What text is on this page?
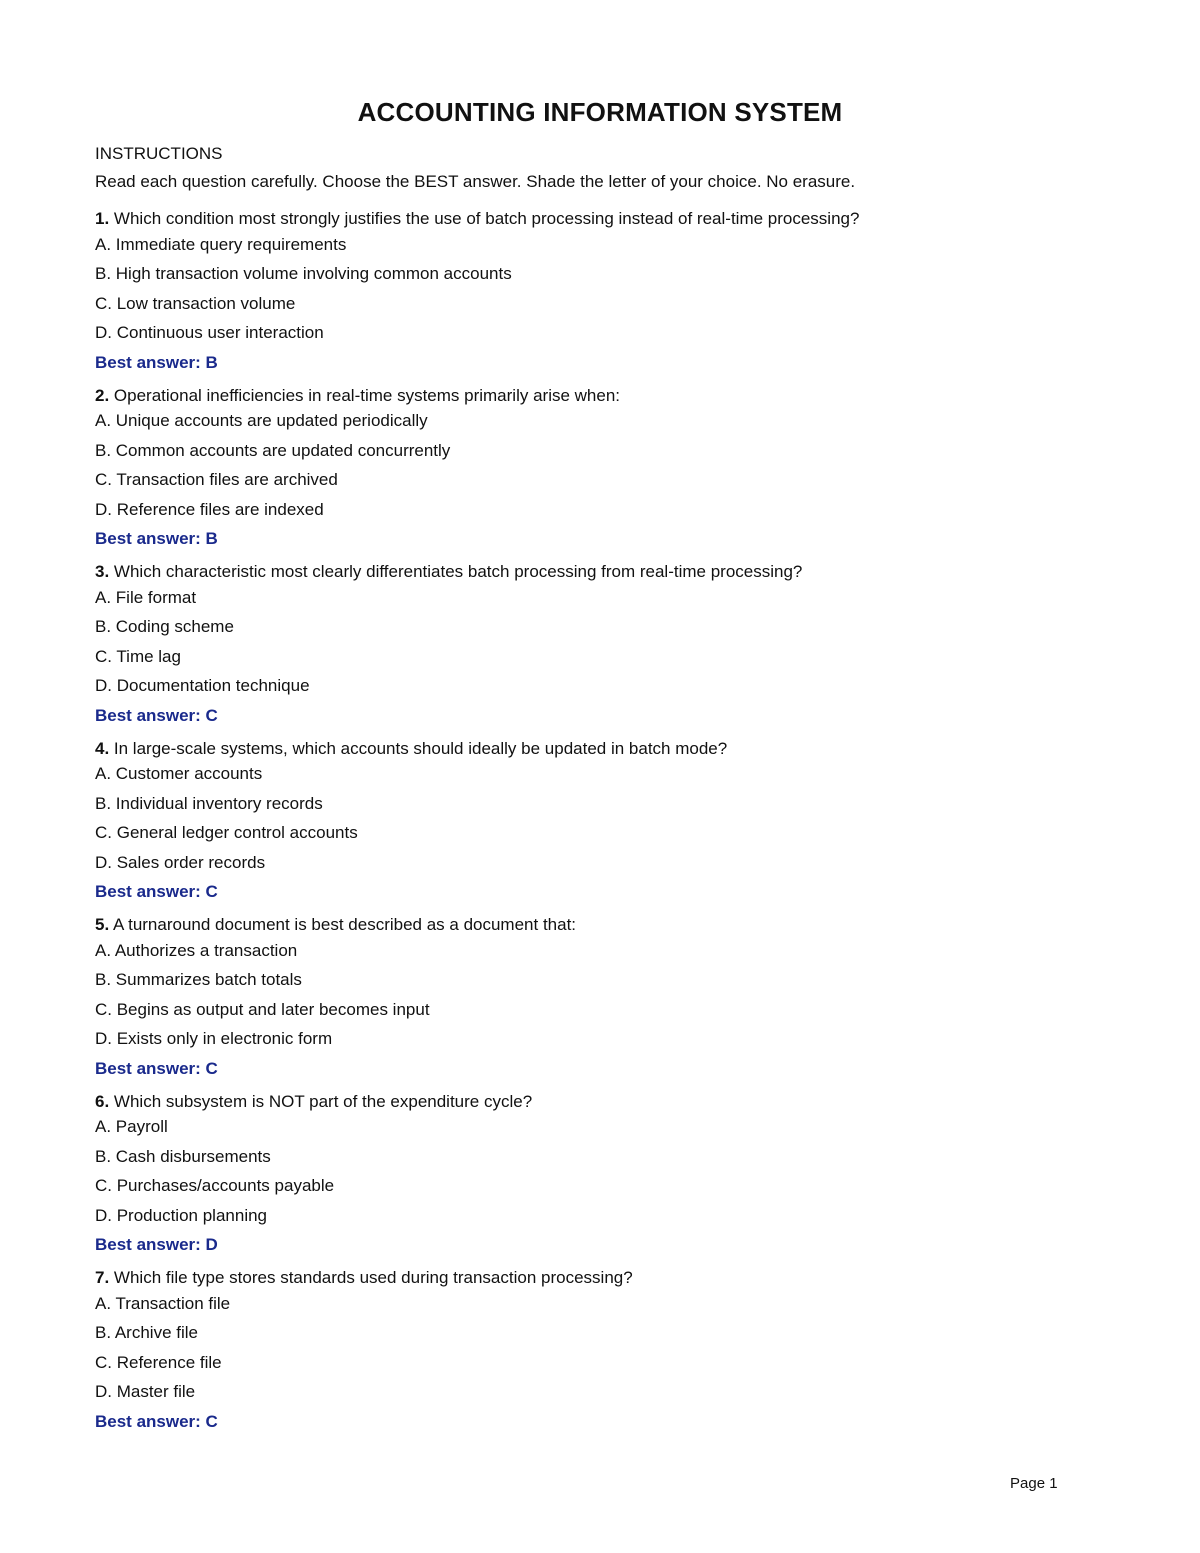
ACCOUNTING INFORMATION SYSTEM
INSTRUCTIONS
Read each question carefully. Choose the BEST answer. Shade the letter of your choice. No erasure.
1. Which condition most strongly justifies the use of batch processing instead of real-time processing?
A. Immediate query requirements
B. High transaction volume involving common accounts
C. Low transaction volume
D. Continuous user interaction
Best answer: B
2. Operational inefficiencies in real-time systems primarily arise when:
A. Unique accounts are updated periodically
B. Common accounts are updated concurrently
C. Transaction files are archived
D. Reference files are indexed
Best answer: B
3. Which characteristic most clearly differentiates batch processing from real-time processing?
A. File format
B. Coding scheme
C. Time lag
D. Documentation technique
Best answer: C
4. In large-scale systems, which accounts should ideally be updated in batch mode?
A. Customer accounts
B. Individual inventory records
C. General ledger control accounts
D. Sales order records
Best answer: C
5. A turnaround document is best described as a document that:
A. Authorizes a transaction
B. Summarizes batch totals
C. Begins as output and later becomes input
D. Exists only in electronic form
Best answer: C
6. Which subsystem is NOT part of the expenditure cycle?
A. Payroll
B. Cash disbursements
C. Purchases/accounts payable
D. Production planning
Best answer: D
7. Which file type stores standards used during transaction processing?
A. Transaction file
B. Archive file
C. Reference file
D. Master file
Best answer: C
Page 1
